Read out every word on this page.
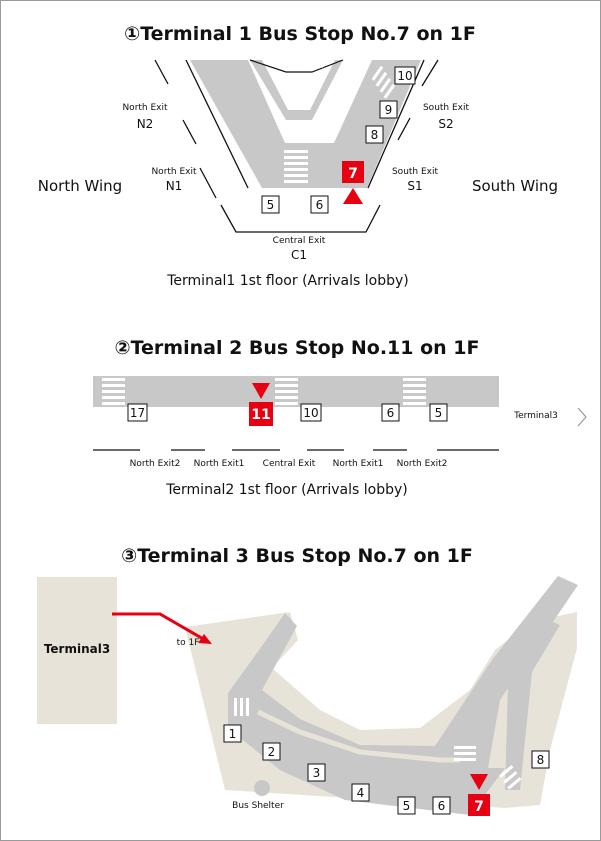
①Terminal 1 Bus Stop No.7 on 1F
North Exit
N2
North Exit
N1
South Exit
S2
South Exit
S1
Central Exit
C1
North Wing	South Wing
5	6
7
8
9
10
Terminal1 1st floor (Arrivals lobby)
②Terminal 2 Bus Stop No.11 on 1F
17	11	10	6	5	Terminal3
North Exit2 North Exit1 Central Exit North Exit1 North Exit2
Terminal2 1st floor (Arrivals lobby)
③Terminal 3 Bus Stop No.7 on 1F
Terminal3	to 1F
Bus Shelter
1
2
3
4
5 6 7
8
